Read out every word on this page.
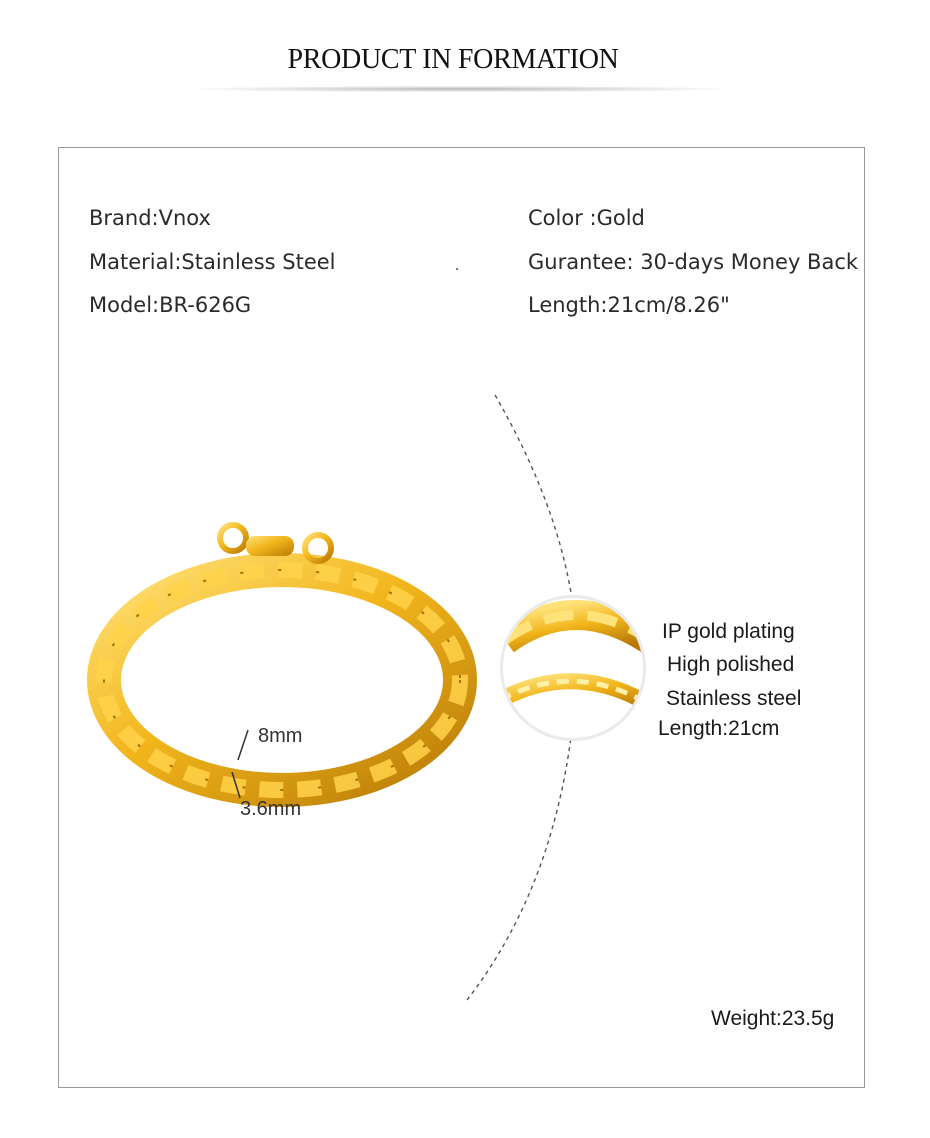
PRODUCT IN FORMATION
Brand:Vnox
Material:Stainless Steel
Model:BR-626G
Color :Gold
Gurantee: 30-days Money Back
Length:21cm/8.26"
8mm
3.6mm
IP gold plating
High polished
Stainless steel
Length:21cm
Weight:23.5g
